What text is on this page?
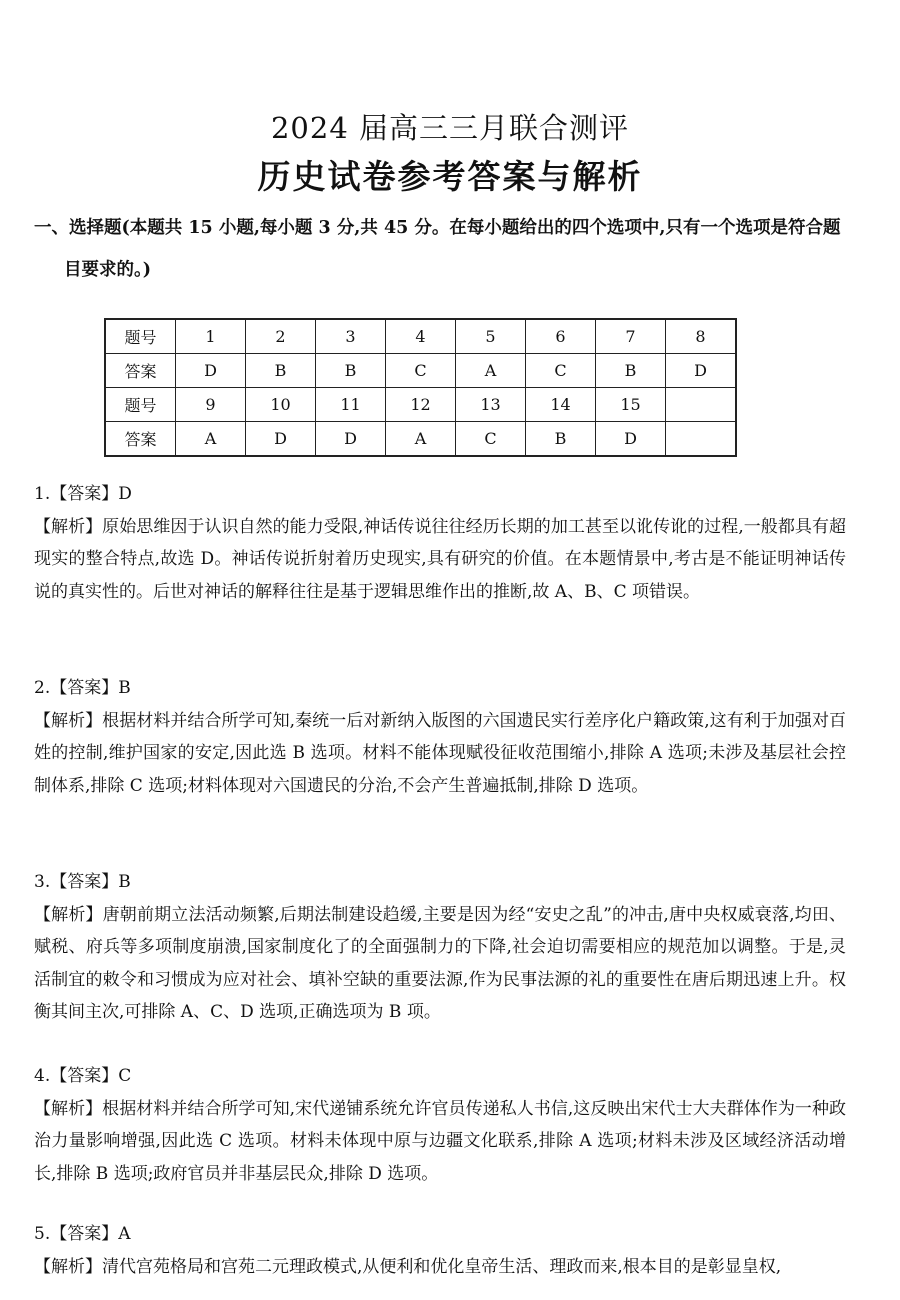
2024 届高三三月联合测评
历史试卷参考答案与解析
一、选择题(本题共 15 小题,每小题 3 分,共 45 分。在每小题给出的四个选项中,只有一个选项是符合题
目要求的。)
题号	1	2	3	4	5	6	7	8
答案	D	B	B	C	A	C	B	D
题号	9	10	11	12	13	14	15	
答案	A	D	D	A	C	B	D	
1.【答案】D
【解析】原始思维因于认识自然的能力受限,神话传说往往经历长期的加工甚至以讹传讹的过程,一般都具有超现实的整合特点,故选 D。神话传说折射着历史现实,具有研究的价值。在本题情景中,考古是不能证明神话传说的真实性的。后世对神话的解释往往是基于逻辑思维作出的推断,故 A、B、C 项错误。
2.【答案】B
【解析】根据材料并结合所学可知,秦统一后对新纳入版图的六国遗民实行差序化户籍政策,这有利于加强对百姓的控制,维护国家的安定,因此选 B 选项。材料不能体现赋役征收范围缩小,排除 A 选项;未涉及基层社会控制体系,排除 C 选项;材料体现对六国遗民的分治,不会产生普遍抵制,排除 D 选项。
3.【答案】B
【解析】唐朝前期立法活动频繁,后期法制建设趋缓,主要是因为经“安史之乱”的冲击,唐中央权威衰落,均田、赋税、府兵等多项制度崩溃,国家制度化了的全面强制力的下降,社会迫切需要相应的规范加以调整。于是,灵活制宜的敕令和习惯成为应对社会、填补空缺的重要法源,作为民事法源的礼的重要性在唐后期迅速上升。权衡其间主次,可排除 A、C、D 选项,正确选项为 B 项。
4.【答案】C
【解析】根据材料并结合所学可知,宋代递铺系统允许官员传递私人书信,这反映出宋代士大夫群体作为一种政治力量影响增强,因此选 C 选项。材料未体现中原与边疆文化联系,排除 A 选项;材料未涉及区域经济活动增长,排除 B 选项;政府官员并非基层民众,排除 D 选项。
5.【答案】A
【解析】清代宫苑格局和宫苑二元理政模式,从便利和优化皇帝生活、理政而来,根本目的是彰显皇权,
